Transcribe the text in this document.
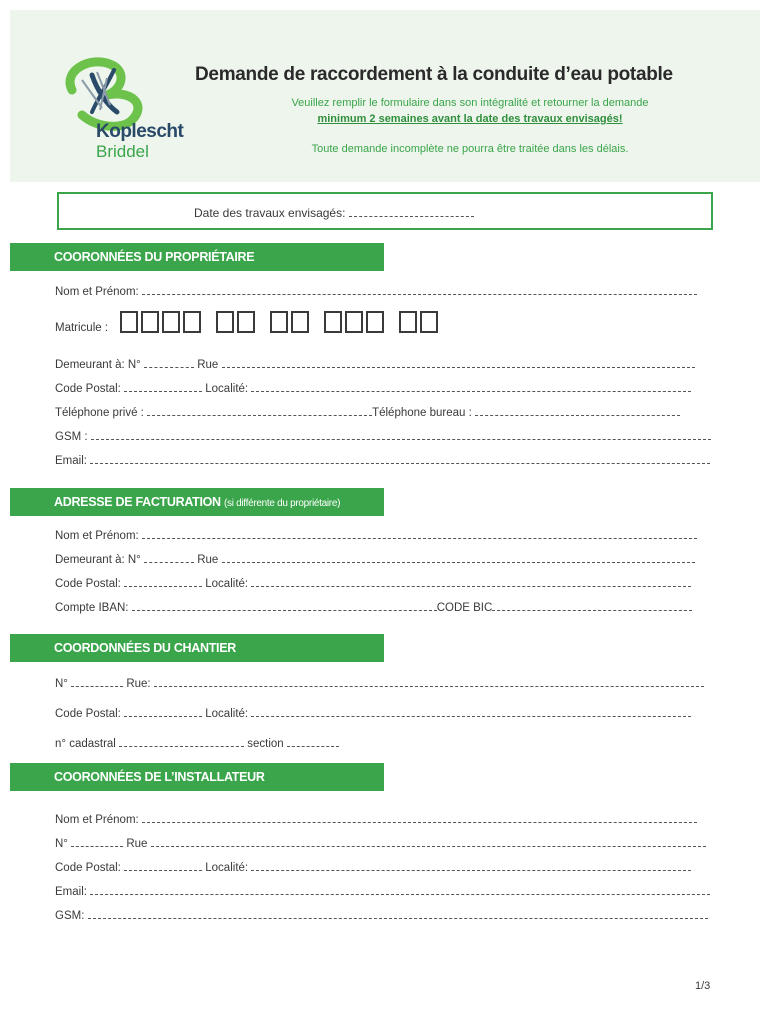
Koplescht
Briddel
Demande de raccordement à la conduite d’eau potable
Veuillez remplir le formulaire dans son intégralité et retourner la demande
minimum 2 semaines avant la date des travaux envisagés!
Toute demande incomplète ne pourra être traitée dans les délais.
Date des travaux envisagés:
COORONNÉES DU PROPRIÉTAIRE
Nom et Prénom:
Matricule :
Demeurant à: N°	Rue
Code Postal:	Localité:
Téléphone privé :	Téléphone bureau :
GSM :
Email:
ADRESSE DE FACTURATION (si différente du propriétaire)
Nom et Prénom:
Demeurant à: N°	Rue
Code Postal:	Localité:
Compte IBAN:	CODE BIC
COORDONNÉES DU CHANTIER
N°	Rue:
Code Postal:	Localité:
n° cadastral	section
COORONNÉES DE L’INSTALLATEUR
Nom et Prénom:
N°	Rue
Code Postal:	Localité:
Email:
GSM:
1/3
